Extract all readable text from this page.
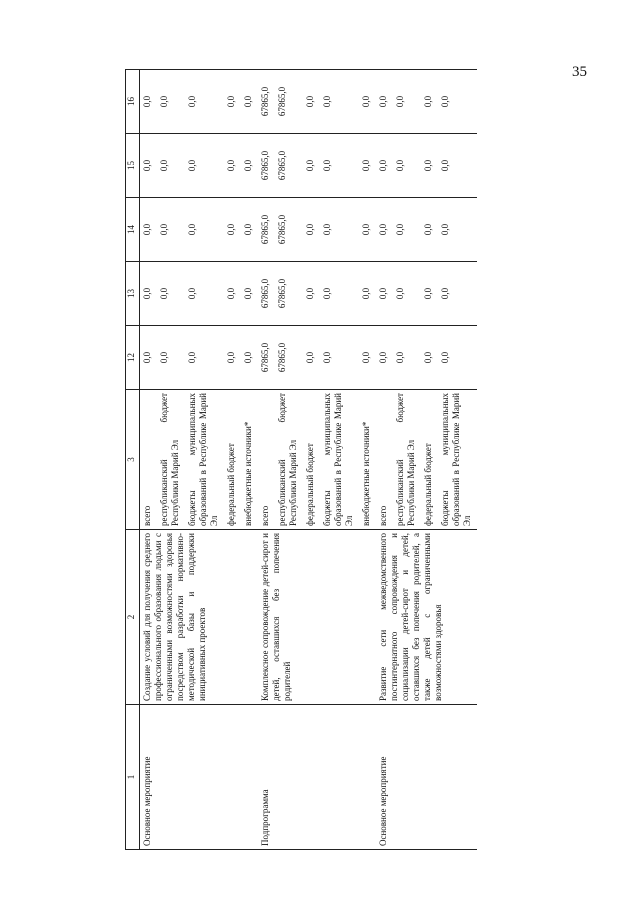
35
1	2	3	12	13	14	15	16
Основное мероприятие	Создание условий для получения среднего профессионального образования людьми с ограниченными возможностями здоровья посредством разработки нормативно-методической базы и поддержки инициативных проектов	всего	0,0	0,0	0,0	0,0	0,0
		республиканский бюджет Республики Марий Эл	0,0	0,0	0,0	0,0	0,0
		бюджеты муниципальных образований в Республике Марий Эл	0,0	0,0	0,0	0,0	0,0
		федеральный бюджет	0,0	0,0	0,0	0,0	0,0
		внебюджетные источники*	0,0	0,0	0,0	0,0	0,0
Подпрограмма	Комплексное сопровождение детей-сирот и детей, оставшихся без попечения родителей	всего	67865,0	67865,0	67865,0	67865,0	67865,0
		республиканский бюджет Республики Марий Эл	67865,0	67865,0	67865,0	67865,0	67865,0
		федеральный бюджет	0,0	0,0	0,0	0,0	0,0
		бюджеты муниципальных образований в Республике Марий Эл	0,0	0,0	0,0	0,0	0,0
		внебюджетные источники*	0,0	0,0	0,0	0,0	0,0
Основное мероприятие	Развитие сети межведомственного постинтернатного сопровождения и социализации детей-сирот и детей, оставшихся без попечения родителей, а также детей с ограниченными возможностями здоровья	всего	0,0	0,0	0,0	0,0	0,0
		республиканский бюджет Республики Марий Эл	0,0	0,0	0,0	0,0	0,0
		федеральный бюджет	0,0	0,0	0,0	0,0	0,0
		бюджеты муниципальных образований в Республике Марий Эл	0,0	0,0	0,0	0,0	0,0
